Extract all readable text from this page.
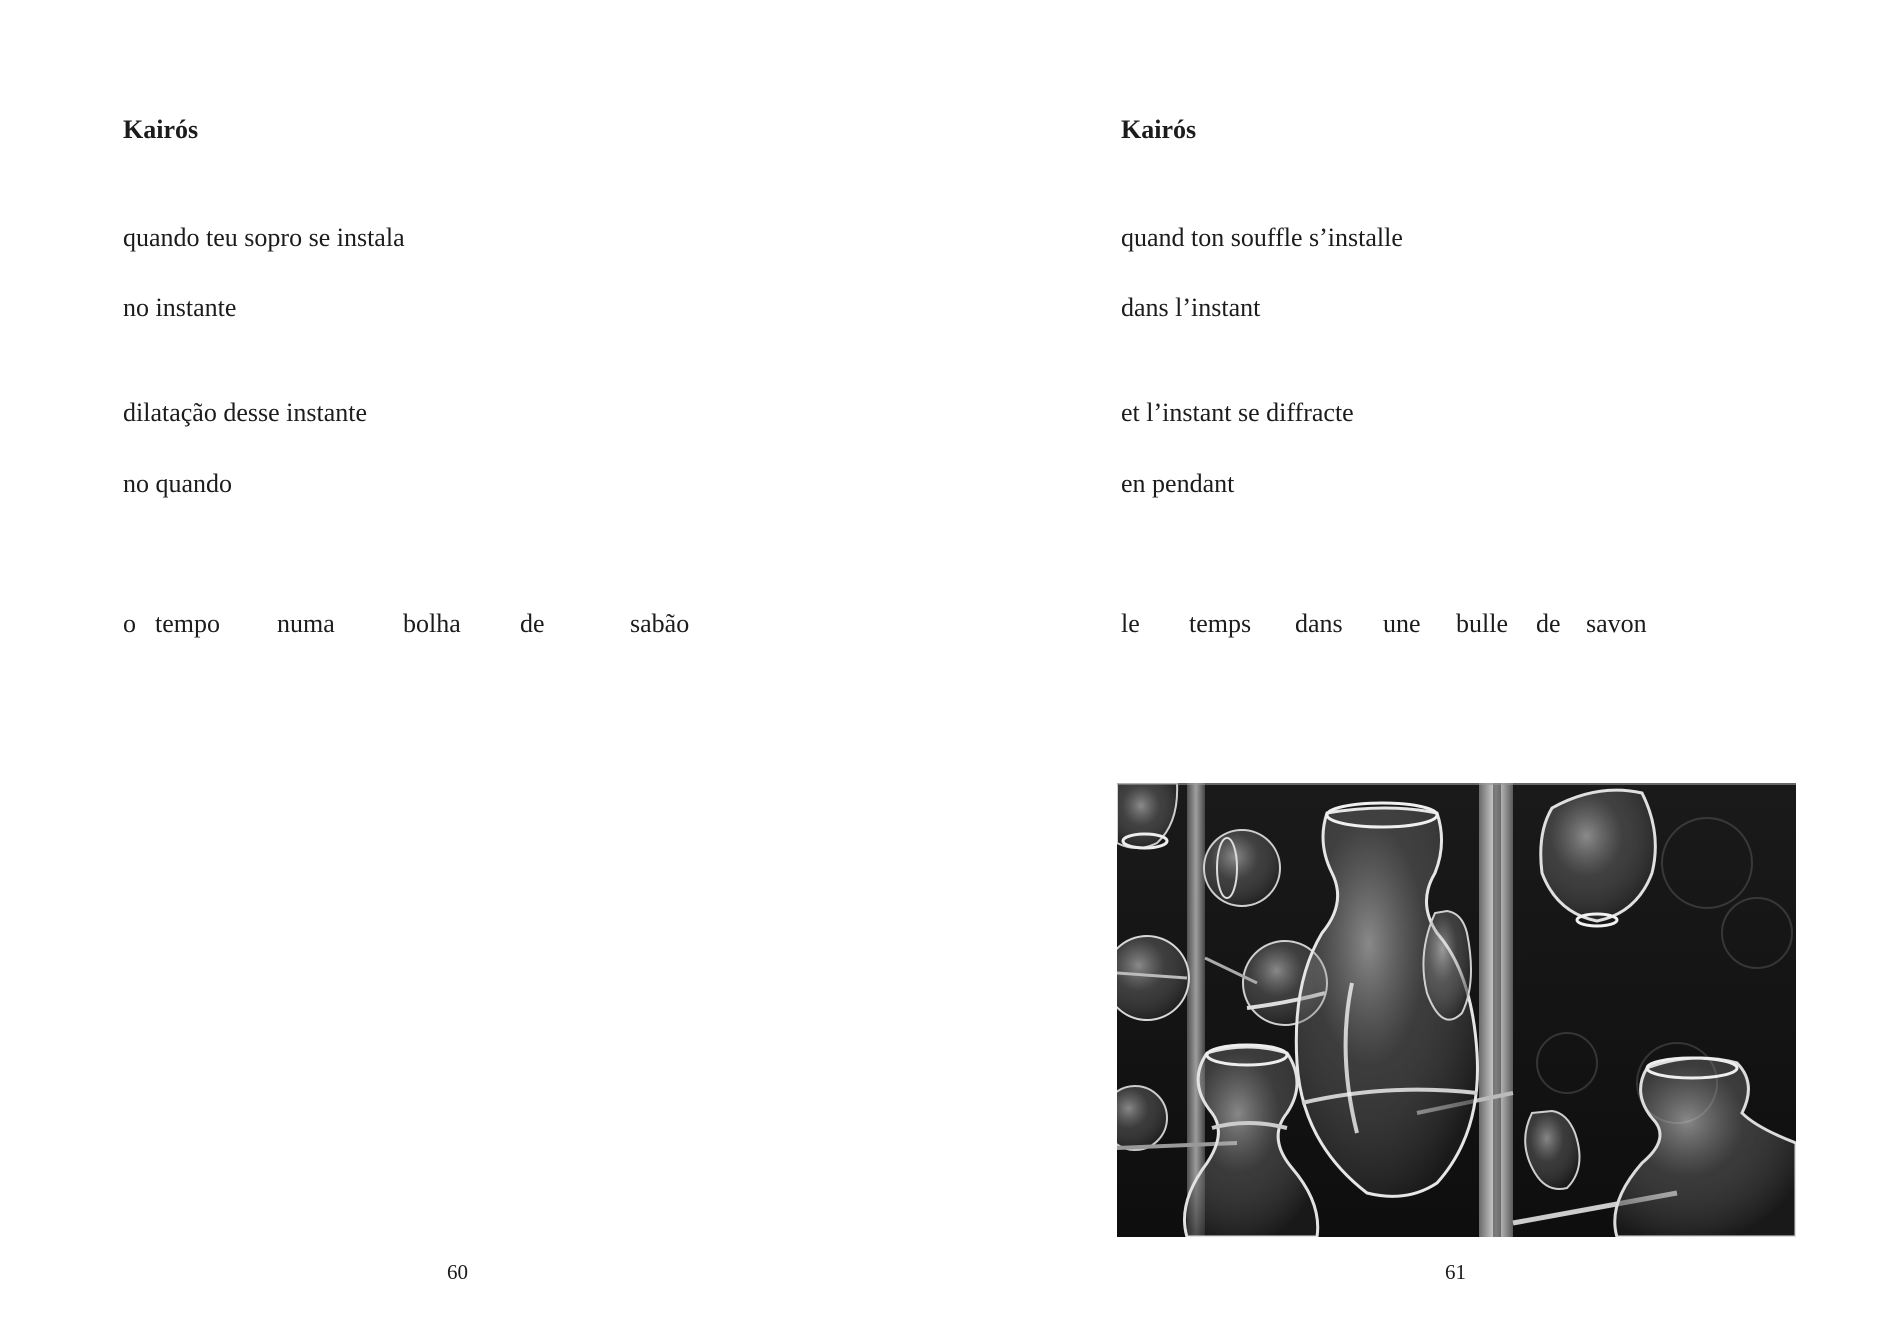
Kairós
quando teu sopro se instala
no instante
dilatação desse instante
no quando
o tempo numa	bolha de	sabão
60
Kairós
quand ton souffle s’installe
dans l’instant
et l’instant se diffracte
en pendant
le temps dans une bulle de savon
61
